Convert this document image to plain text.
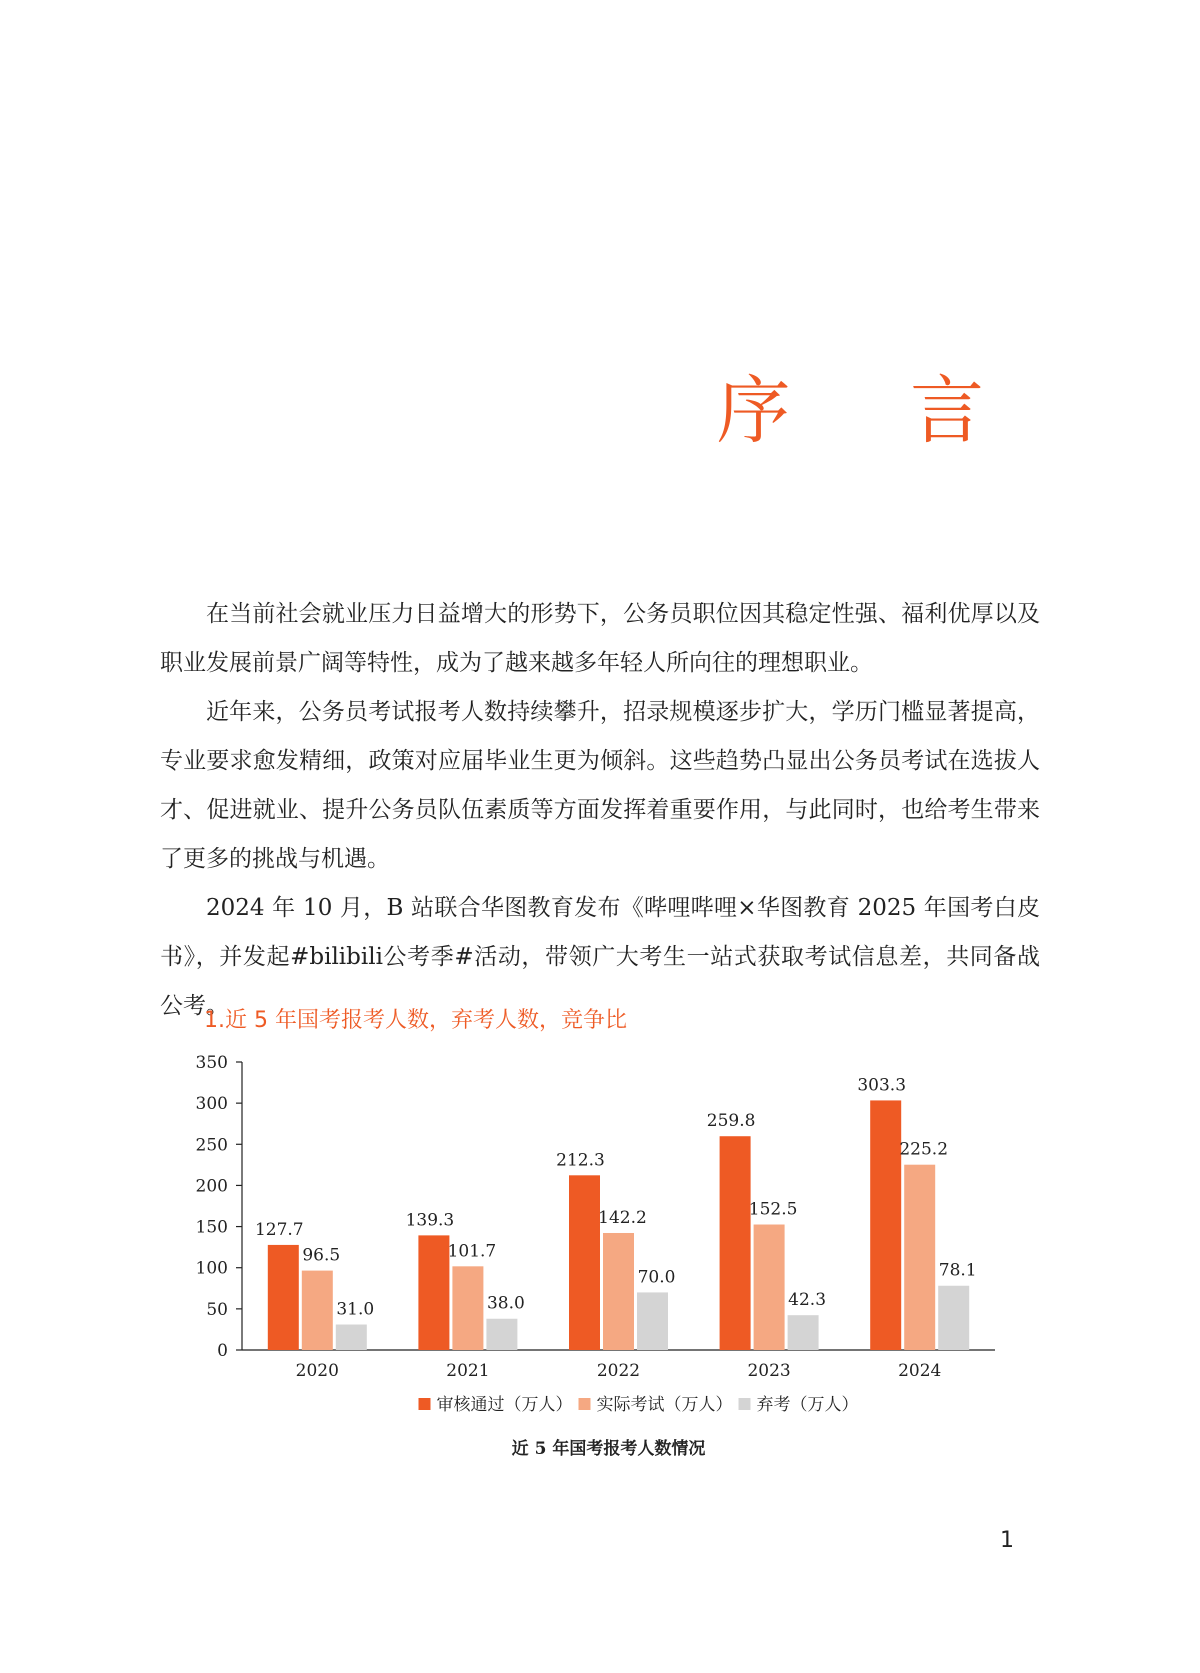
序 言

在当前社会就业压力日益增大的形势下，公务员职位因其稳定性强、福利优厚以及职业发展前景广阔等特性，成为了越来越多年轻人所向往的理想职业。

近年来，公务员考试报考人数持续攀升，招录规模逐步扩大，学历门槛显著提高，专业要求愈发精细，政策对应届毕业生更为倾斜。这些趋势凸显出公务员考试在选拔人才、促进就业、提升公务员队伍素质等方面发挥着重要作用，与此同时，也给考生带来了更多的挑战与机遇。

2024 年 10 月，B 站联合华图教育发布《哔哩哔哩×华图教育 2025 年国考白皮书》，并发起#bilibili公考季#活动，带领广大考生一站式获取考试信息差，共同备战公考。

1.近 5 年国考报考人数，弃考人数，竞争比
0
50
100
150
200
250
300
350
127.7
96.5
31.0
2020
139.3
101.7
38.0
2021
212.3
142.2
70.0
2022
259.8
152.5
42.3
2023
303.3
225.2
78.1
2024
审核通过（万人） 实际考试（万人） 弃考（万人）
近 5 年国考报考人数情况
1
